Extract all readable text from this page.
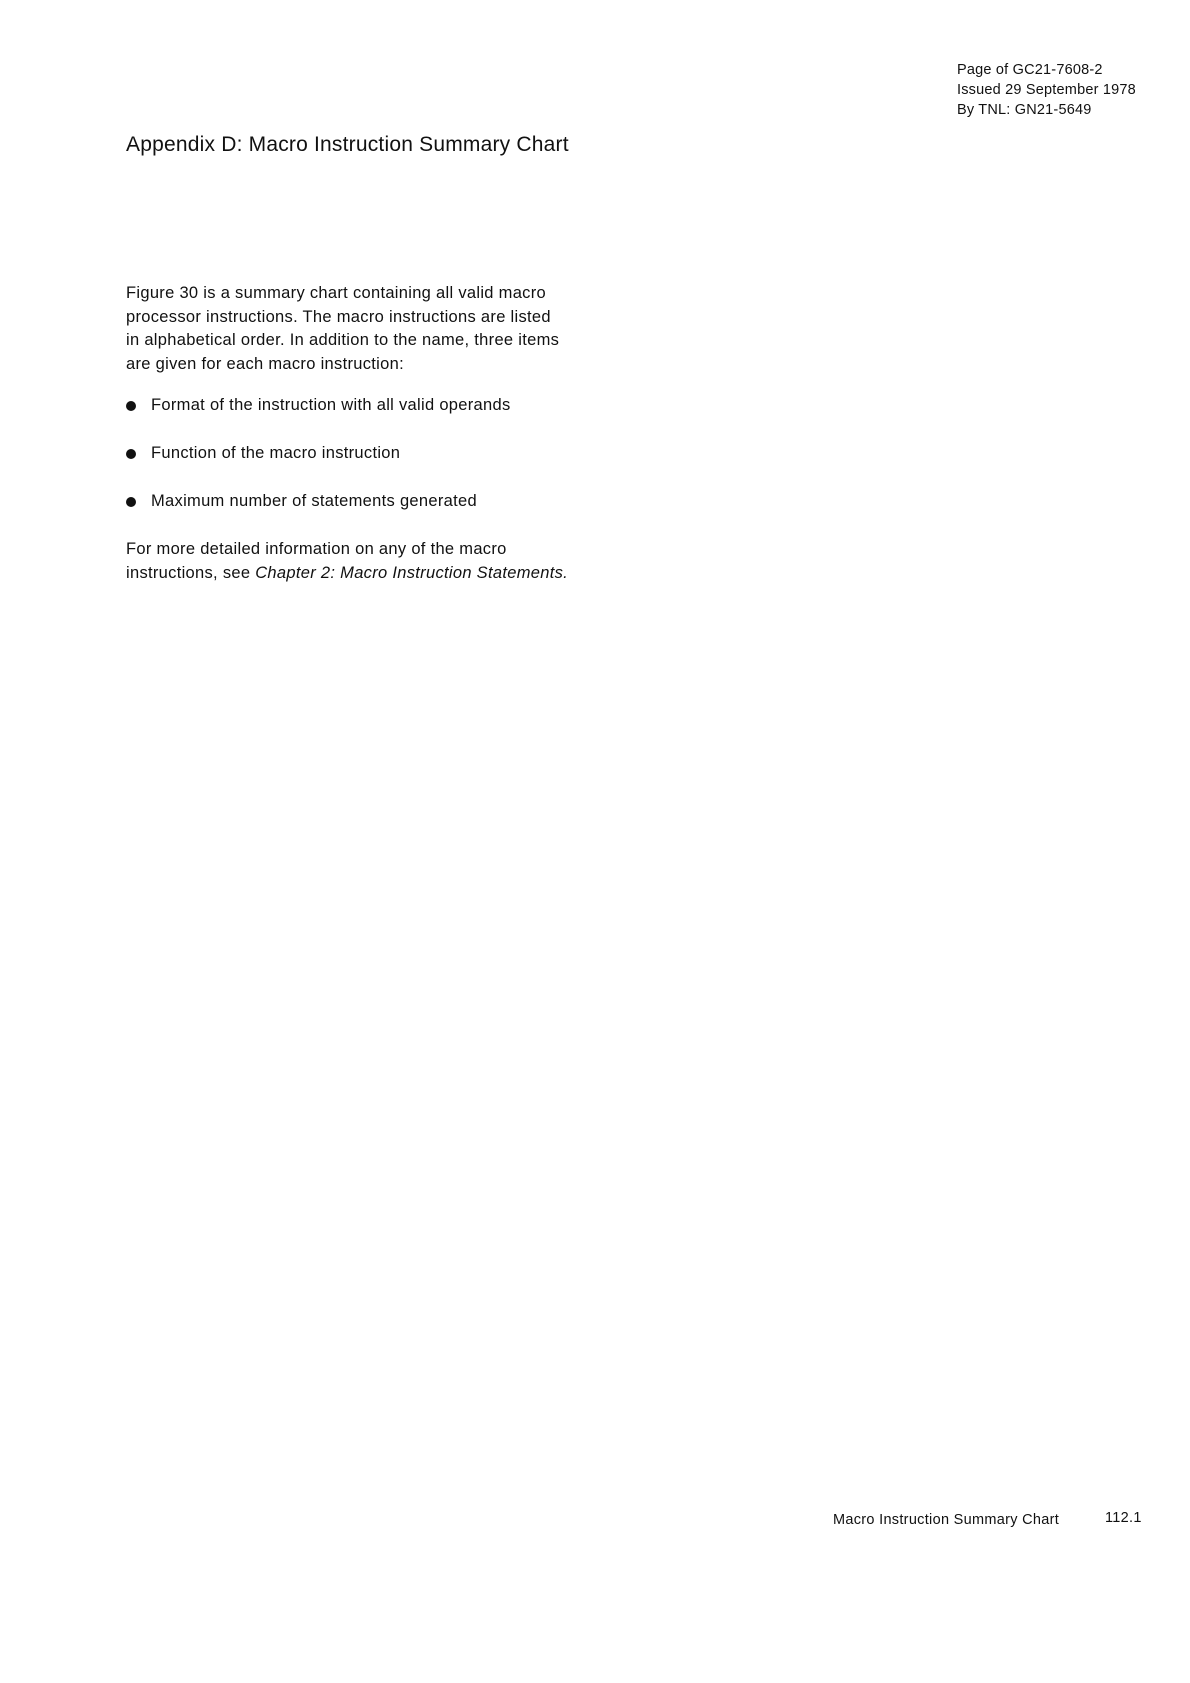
Page of GC21-7608-2
Issued 29 September 1978
By TNL: GN21-5649
Appendix D: Macro Instruction Summary Chart
Figure 30 is a summary chart containing all valid macro
processor instructions. The macro instructions are listed
in alphabetical order. In addition to the name, three items
are given for each macro instruction:
Format of the instruction with all valid operands
Function of the macro instruction
Maximum number of statements generated
For more detailed information on any of the macro
instructions, see Chapter 2: Macro Instruction Statements.
Macro Instruction Summary Chart	112.1
